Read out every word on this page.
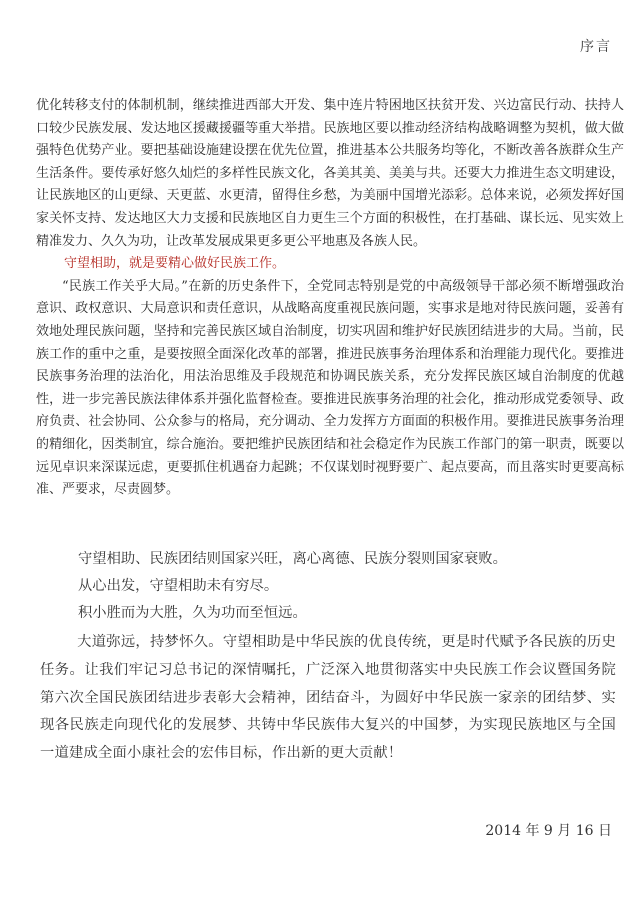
序言

优化转移支付的体制机制，继续推进西部大开发、集中连片特困地区扶贫开发、兴边富民行动、扶持人口较少民族发展、发达地区援藏援疆等重大举措。民族地区要以推动经济结构战略调整为契机，做大做强特色优势产业。要把基础设施建设摆在优先位置，推进基本公共服务均等化，不断改善各族群众生产生活条件。要传承好悠久灿烂的多样性民族文化，各美其美、美美与共。还要大力推进生态文明建设，让民族地区的山更绿、天更蓝、水更清，留得住乡愁，为美丽中国增光添彩。总体来说，必须发挥好国家关怀支持、发达地区大力支援和民族地区自力更生三个方面的积极性，在打基础、谋长远、见实效上精准发力、久久为功，让改革发展成果更多更公平地惠及各族人民。

守望相助，就是要精心做好民族工作。

“民族工作关乎大局。”在新的历史条件下，全党同志特别是党的中高级领导干部必须不断增强政治意识、政权意识、大局意识和责任意识，从战略高度重视民族问题，实事求是地对待民族问题，妥善有效地处理民族问题，坚持和完善民族区域自治制度，切实巩固和维护好民族团结进步的大局。当前，民族工作的重中之重，是要按照全面深化改革的部署，推进民族事务治理体系和治理能力现代化。要推进民族事务治理的法治化，用法治思维及手段规范和协调民族关系，充分发挥民族区域自治制度的优越性，进一步完善民族法律体系并强化监督检查。要推进民族事务治理的社会化，推动形成党委领导、政府负责、社会协同、公众参与的格局，充分调动、全力发挥方方面面的积极作用。要推进民族事务治理的精细化，因类制宜，综合施治。要把维护民族团结和社会稳定作为民族工作部门的第一职责，既要以远见卓识来深谋远虑，更要抓住机遇奋力起跳；不仅谋划时视野要广、起点要高，而且落实时更要高标准、严要求，尽责圆梦。

守望相助、民族团结则国家兴旺，离心离德、民族分裂则国家衰败。

从心出发，守望相助未有穷尽。

积小胜而为大胜，久为功而至恒远。

大道弥远，持梦怀久。守望相助是中华民族的优良传统，更是时代赋予各民族的历史任务。让我们牢记习总书记的深情嘱托，广泛深入地贯彻落实中央民族工作会议暨国务院第六次全国民族团结进步表彰大会精神，团结奋斗，为圆好中华民族一家亲的团结梦、实现各民族走向现代化的发展梦、共铸中华民族伟大复兴的中国梦，为实现民族地区与全国一道建成全面小康社会的宏伟目标，作出新的更大贡献！

2014 年 9 月 16 日
